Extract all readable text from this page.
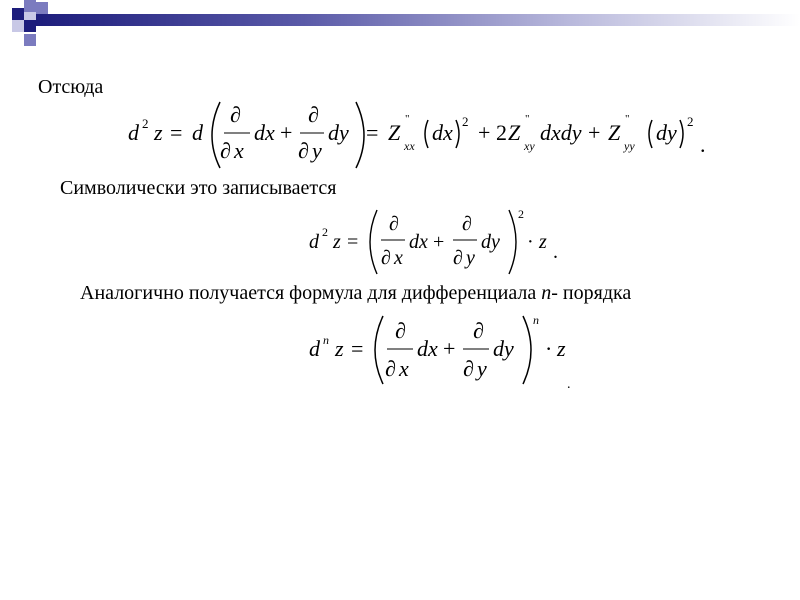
Отсюда
Символически это записывается
Аналогично получается формула для дифференциала n- порядка
d 2 z = d
∂
∂ x
dx +
∂
∂ y
dy = Z
"
xx
dx 2 + 2 Z
"
xy
dxdy + Z
"
yy
dy 2
.
d 2 z =
∂
∂ x
dx +
∂
∂ y
dy
2
· z .
d n z =
∂
∂ x
dx +
∂
∂ y
dy
n
· z
.
